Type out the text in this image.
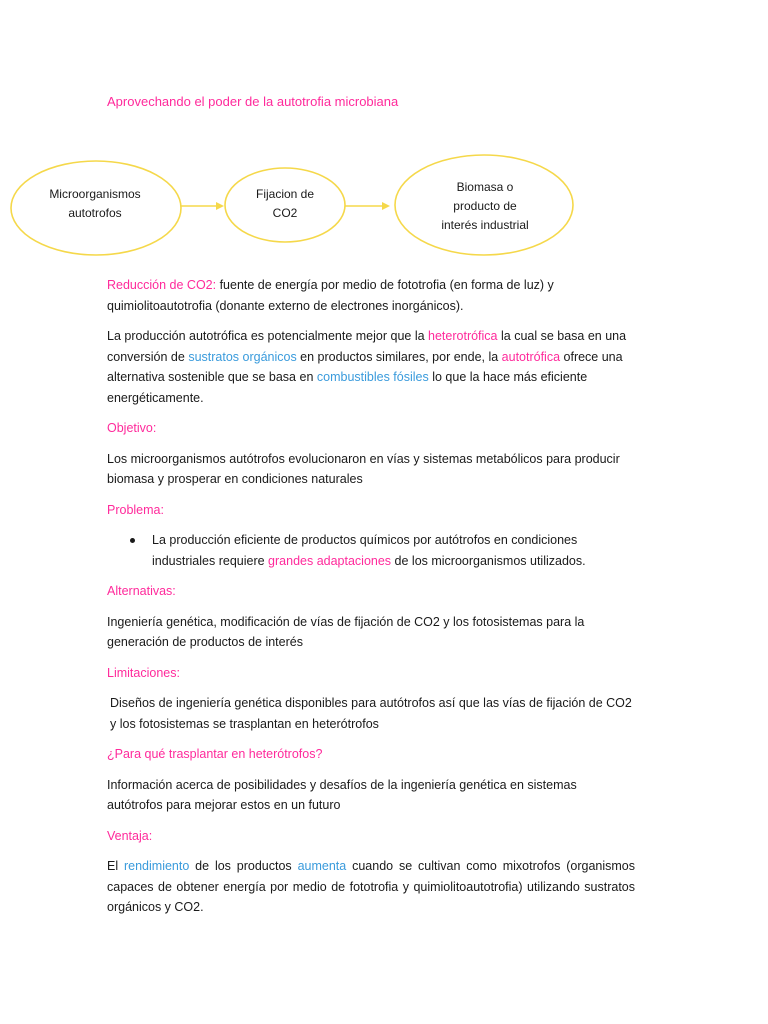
Aprovechando el poder de la autotrofia microbiana
Microorganismos
autotrofos
Fijacion de
CO2
Biomasa o
producto de
interés industrial

Reducción de CO2: fuente de energía por medio de fototrofia (en forma de luz) y quimiolitoautotrofia (donante externo de electrones inorgánicos).

La producción autotrófica es potencialmente mejor que la heterotrófica la cual se basa en una conversión de sustratos orgánicos en productos similares, por ende, la autotrófica ofrece una alternativa sostenible que se basa en combustibles fósiles lo que la hace más eficiente energéticamente.

Objetivo:

Los microorganismos autótrofos evolucionaron en vías y sistemas metabólicos para producir biomasa y prosperar en condiciones naturales

Problema:

La producción eficiente de productos químicos por autótrofos en condiciones industriales requiere grandes adaptaciones de los microorganismos utilizados.

Alternativas:

Ingeniería genética, modificación de vías de fijación de CO2 y los fotosistemas para la generación de productos de interés

Limitaciones:

Diseños de ingeniería genética disponibles para autótrofos así que las vías de fijación de CO2 y los fotosistemas se trasplantan en heterótrofos

¿Para qué trasplantar en heterótrofos?

Información acerca de posibilidades y desafíos de la ingeniería genética en sistemas autótrofos para mejorar estos en un futuro

Ventaja:

El rendimiento de los productos aumenta cuando se cultivan como mixotrofos (organismos capaces de obtener energía por medio de fototrofia y quimiolitoautotrofia) utilizando sustratos orgánicos y CO2.
